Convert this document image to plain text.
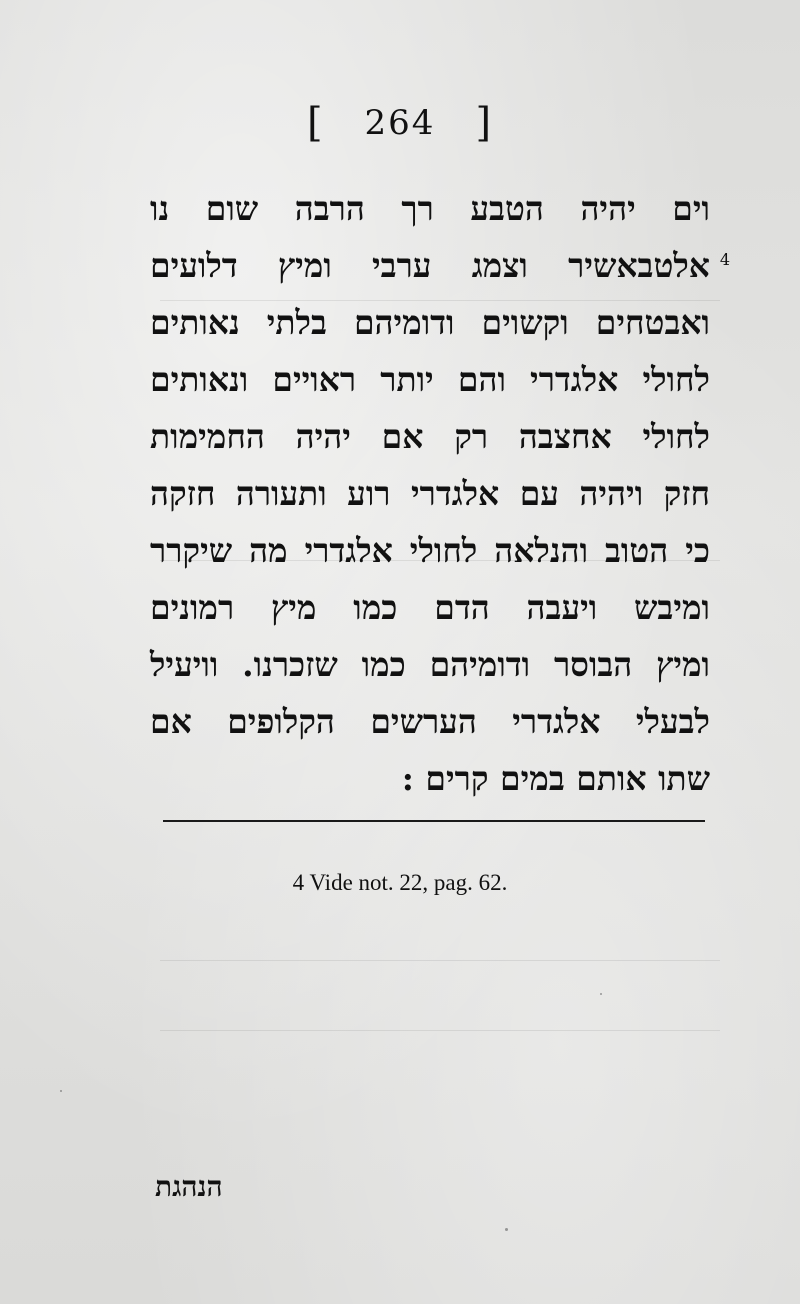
[ 264 ]
וים יהיה הטבע רך הרבה שום נו
4
אלטבאשיר וצמג ערבי ומיץ דלועים
ואבטחים וקשוים ודומיהם בלתי נאותים
לחולי אלגדרי והם יותר ראויים ונאותים
לחולי אחצבה רק אם יהיה החמימות
חזק ויהיה עם אלגדרי רוע ותעורה חזקה
כי הטוב והנלאה לחולי אלגדרי מה שיקרר
ומיבש ויעבה הדם כמו מיץ רמונים
ומיץ הבוסר ודומיהם כמו שזכרנו. וויעיל
לבעלי אלגדרי הערשים הקלופים אם
שתו אותם במים קרים :
4 Vide not. 22, pag. 62.
הנהגת
